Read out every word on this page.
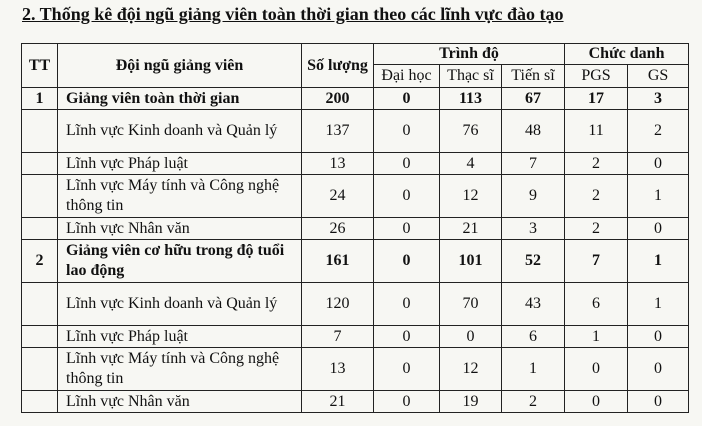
2. Thống kê đội ngũ giảng viên toàn thời gian theo các lĩnh vực đào tạo
TT	Đội ngũ giảng viên	Số lượng	Trình độ			Chức danh	
			Đại học	Thạc sĩ	Tiến sĩ	PGS	GS
1	Giảng viên toàn thời gian	200	0	113	67	17	3
	Lĩnh vực Kinh doanh và Quản lý	137	0	76	48	11	2
	Lĩnh vực Pháp luật	13	0	4	7	2	0
	Lĩnh vực Máy tính và Công nghệ thông tin	24	0	12	9	2	1
	Lĩnh vực Nhân văn	26	0	21	3	2	0
2	Giảng viên cơ hữu trong độ tuổi lao động	161	0	101	52	7	1
	Lĩnh vực Kinh doanh và Quản lý	120	0	70	43	6	1
	Lĩnh vực Pháp luật	7	0	0	6	1	0
	Lĩnh vực Máy tính và Công nghệ thông tin	13	0	12	1	0	0
	Lĩnh vực Nhân văn	21	0	19	2	0	0
